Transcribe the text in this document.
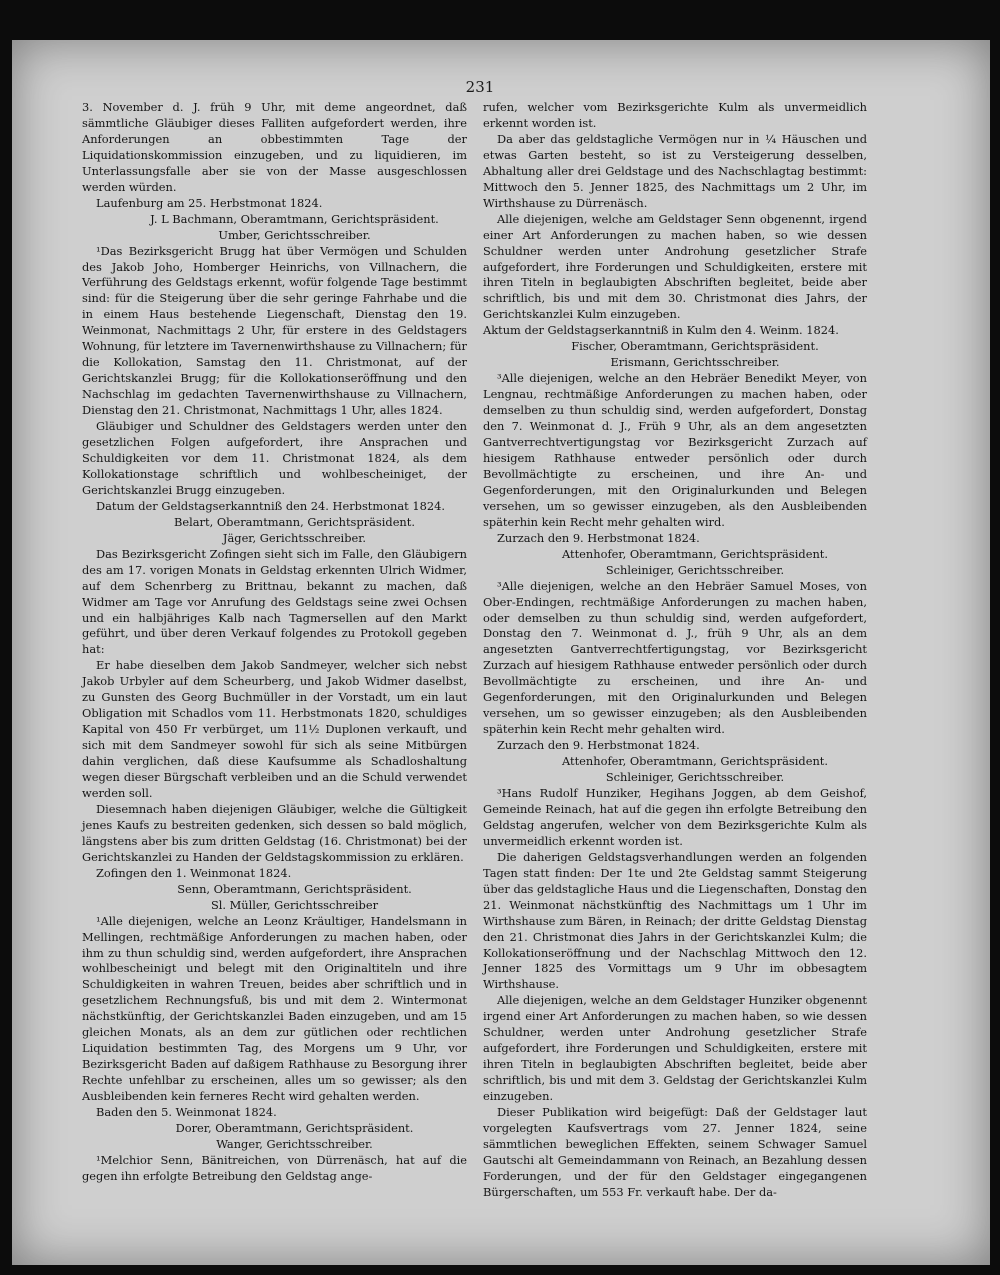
231

3. November d. J. früh 9 Uhr, mit deme angeordnet, daß sämmtliche Gläubiger dieses Falliten aufgefordert werden, ihre Anforderungen an obbestimmten Tage der Liquidationskommission einzugeben, und zu liquidieren, im Unterlassungsfalle aber sie von der Masse ausgeschlossen werden würden.

Laufenburg am 25. Herbstmonat 1824.

J. L Bachmann, Oberamtmann, Gerichtspräsident.

Umber, Gerichtsschreiber.

¹Das Bezirksgericht Brugg hat über Vermögen und Schulden des Jakob Joho, Homberger Heinrichs, von Villnachern, die Verführung des Geldstags erkennt, wofür folgende Tage bestimmt sind: für die Steigerung über die sehr geringe Fahrhabe und die in einem Haus bestehende Liegenschaft, Dienstag den 19. Weinmonat, Nachmittags 2 Uhr, für erstere in des Geldstagers Wohnung, für letztere im Tavernenwirthshause zu Villnachern; für die Kollokation, Samstag den 11. Christmonat, auf der Gerichtskanzlei Brugg; für die Kollokationseröffnung und den Nachschlag im gedachten Tavernenwirthshause zu Villnachern, Dienstag den 21. Christmonat, Nachmittags 1 Uhr, alles 1824.

Gläubiger und Schuldner des Geldstagers werden unter den gesetzlichen Folgen aufgefordert, ihre Ansprachen und Schuldigkeiten vor dem 11. Christmonat 1824, als dem Kollokationstage schriftlich und wohlbescheiniget, der Gerichtskanzlei Brugg einzugeben.

Datum der Geldstagserkanntniß den 24. Herbstmonat 1824.

Belart, Oberamtmann, Gerichtspräsident.

Jäger, Gerichtsschreiber.

Das Bezirksgericht Zofingen sieht sich im Falle, den Gläubigern des am 17. vorigen Monats in Geldstag erkennten Ulrich Widmer, auf dem Schenrberg zu Brittnau, bekannt zu machen, daß Widmer am Tage vor Anrufung des Geldstags seine zwei Ochsen und ein halbjähriges Kalb nach Tagmersellen auf den Markt geführt, und über deren Verkauf folgendes zu Protokoll gegeben hat:

Er habe dieselben dem Jakob Sandmeyer, welcher sich nebst Jakob Urbyler auf dem Scheurberg, und Jakob Widmer daselbst, zu Gunsten des Georg Buchmüller in der Vorstadt, um ein laut Obligation mit Schadlos vom 11. Herbstmonats 1820, schuldiges Kapital von 450 Fr verbürget, um 11½ Duplonen verkauft, und sich mit dem Sandmeyer sowohl für sich als seine Mitbürgen dahin verglichen, daß diese Kaufsumme als Schadloshaltung wegen dieser Bürgschaft verbleiben und an die Schuld verwendet werden soll.

Diesemnach haben diejenigen Gläubiger, welche die Gültigkeit jenes Kaufs zu bestreiten gedenken, sich dessen so bald möglich, längstens aber bis zum dritten Geldstag (16. Christmonat) bei der Gerichtskanzlei zu Handen der Geldstagskommission zu erklären.

Zofingen den 1. Weinmonat 1824.

Senn, Oberamtmann, Gerichtspräsident.

Sl. Müller, Gerichtsschreiber

¹Alle diejenigen, welche an Leonz Kräultiger, Handelsmann in Mellingen, rechtmäßige Anforderungen zu machen haben, oder ihm zu thun schuldig sind, werden aufgefordert, ihre Ansprachen wohlbescheinigt und belegt mit den Originaltiteln und ihre Schuldigkeiten in wahren Treuen, beides aber schriftlich und in gesetzlichem Rechnungsfuß, bis und mit dem 2. Wintermonat nächstkünftig, der Gerichtskanzlei Baden einzugeben, und am 15 gleichen Monats, als an dem zur gütlichen oder rechtlichen Liquidation bestimmten Tag, des Morgens um 9 Uhr, vor Bezirksgericht Baden auf daßigem Rathhause zu Besorgung ihrer Rechte unfehlbar zu erscheinen, alles um so gewisser; als den Ausbleibenden kein ferneres Recht wird gehalten werden.

Baden den 5. Weinmonat 1824.

Dorer, Oberamtmann, Gerichtspräsident.

Wanger, Gerichtsschreiber.

¹Melchior Senn, Bänitreichen, von Dürrenäsch, hat auf die gegen ihn erfolgte Betreibung den Geldstag ange-

rufen, welcher vom Bezirksgerichte Kulm als unvermeidlich erkennt worden ist.

Da aber das geldstagliche Vermögen nur in ¼ Häuschen und etwas Garten besteht, so ist zu Versteigerung desselben, Abhaltung aller drei Geldstage und des Nachschlagtag bestimmt: Mittwoch den 5. Jenner 1825, des Nachmittags um 2 Uhr, im Wirthshause zu Dürrenäsch.

Alle diejenigen, welche am Geldstager Senn obgenennt, irgend einer Art Anforderungen zu machen haben, so wie dessen Schuldner werden unter Androhung gesetzlicher Strafe aufgefordert, ihre Forderungen und Schuldigkeiten, erstere mit ihren Titeln in beglaubigten Abschriften begleitet, beide aber schriftlich, bis und mit dem 30. Christmonat dies Jahrs, der Gerichtskanzlei Kulm einzugeben.

Aktum der Geldstagserkanntniß in Kulm den 4. Weinm. 1824.

Fischer, Oberamtmann, Gerichtspräsident.

Erismann, Gerichtsschreiber.

³Alle diejenigen, welche an den Hebräer Benedikt Meyer, von Lengnau, rechtmäßige Anforderungen zu machen haben, oder demselben zu thun schuldig sind, werden aufgefordert, Donstag den 7. Weinmonat d. J., Früh 9 Uhr, als an dem angesetzten Gantverrechtvertigungstag vor Bezirksgericht Zurzach auf hiesigem Rathhause entweder persönlich oder durch Bevollmächtigte zu erscheinen, und ihre An- und Gegenforderungen, mit den Originalurkunden und Belegen versehen, um so gewisser einzugeben, als den Ausbleibenden späterhin kein Recht mehr gehalten wird.

Zurzach den 9. Herbstmonat 1824.

Attenhofer, Oberamtmann, Gerichtspräsident.

Schleiniger, Gerichtsschreiber.

³Alle diejenigen, welche an den Hebräer Samuel Moses, von Ober-Endingen, rechtmäßige Anforderungen zu machen haben, oder demselben zu thun schuldig sind, werden aufgefordert, Donstag den 7. Weinmonat d. J., früh 9 Uhr, als an dem angesetzten Gantverrechtfertigungstag, vor Bezirksgericht Zurzach auf hiesigem Rathhause entweder persönlich oder durch Bevollmächtigte zu erscheinen, und ihre An- und Gegenforderungen, mit den Originalurkunden und Belegen versehen, um so gewisser einzugeben; als den Ausbleibenden späterhin kein Recht mehr gehalten wird.

Zurzach den 9. Herbstmonat 1824.

Attenhofer, Oberamtmann, Gerichtspräsident.

Schleiniger, Gerichtsschreiber.

³Hans Rudolf Hunziker, Hegihans Joggen, ab dem Geishof, Gemeinde Reinach, hat auf die gegen ihn erfolgte Betreibung den Geldstag angerufen, welcher von dem Bezirksgerichte Kulm als unvermeidlich erkennt worden ist.

Die daherigen Geldstagsverhandlungen werden an folgenden Tagen statt finden: Der 1te und 2te Geldstag sammt Steigerung über das geldstagliche Haus und die Liegenschaften, Donstag den 21. Weinmonat nächstkünftig des Nachmittags um 1 Uhr im Wirthshause zum Bären, in Reinach; der dritte Geldstag Dienstag den 21. Christmonat dies Jahrs in der Gerichtskanzlei Kulm; die Kollokationseröffnung und der Nachschlag Mittwoch den 12. Jenner 1825 des Vormittags um 9 Uhr im obbesagtem Wirthshause.

Alle diejenigen, welche an dem Geldstager Hunziker obgenennt irgend einer Art Anforderungen zu machen haben, so wie dessen Schuldner, werden unter Androhung gesetzlicher Strafe aufgefordert, ihre Forderungen und Schuldigkeiten, erstere mit ihren Titeln in beglaubigten Abschriften begleitet, beide aber schriftlich, bis und mit dem 3. Geldstag der Gerichtskanzlei Kulm einzugeben.

Dieser Publikation wird beigefügt: Daß der Geldstager laut vorgelegten Kaufsvertrags vom 27. Jenner 1824, seine sämmtlichen beweglichen Effekten, seinem Schwager Samuel Gautschi alt Gemeindammann von Reinach, an Bezahlung dessen Forderungen, und der für den Geldstager eingegangenen Bürgerschaften, um 553 Fr. verkauft habe. Der da-
